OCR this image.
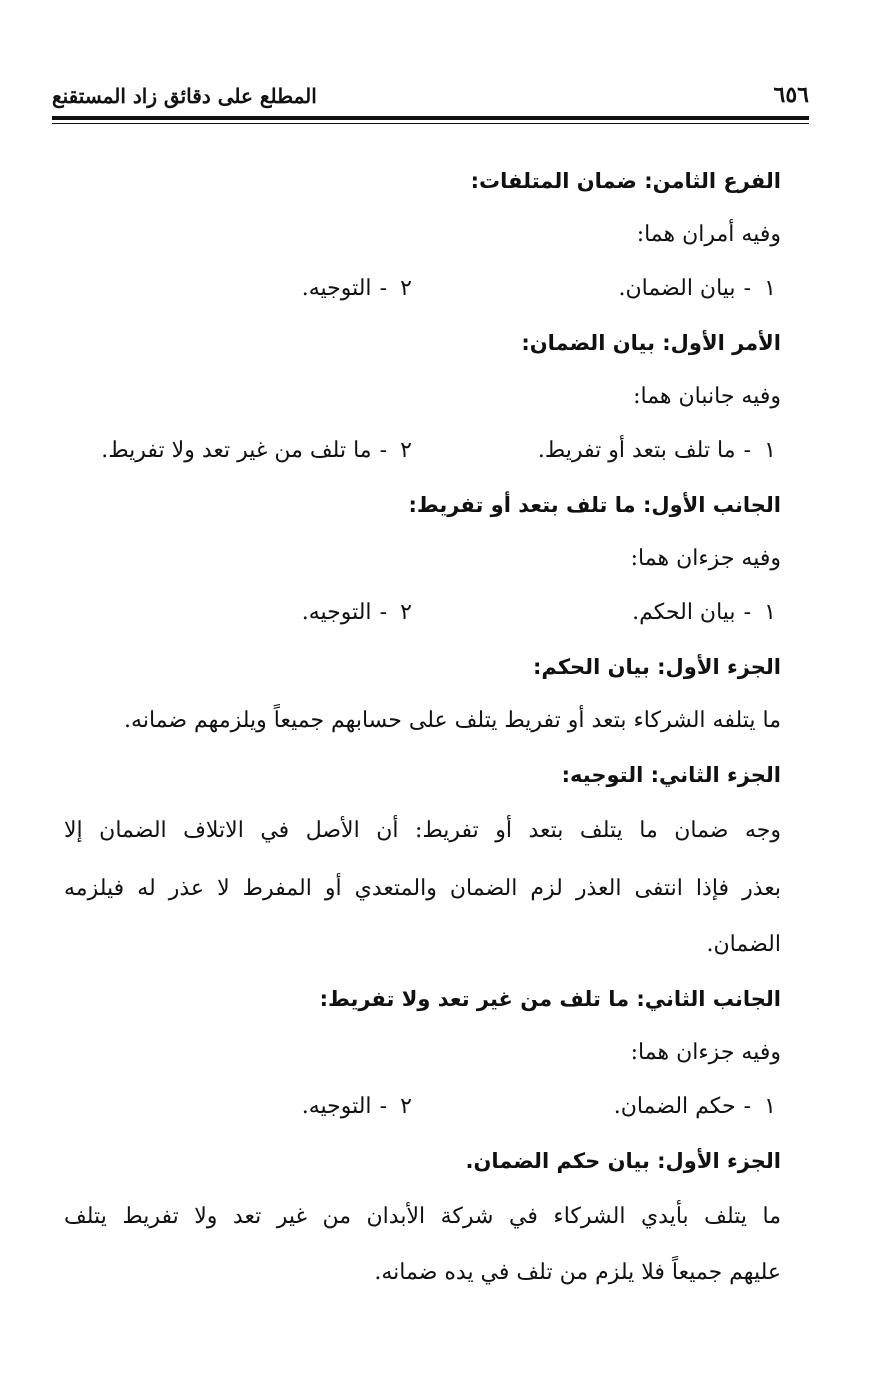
٦٥٦
المطلع على دقائق زاد المستقنع
الفرع الثامن: ضمان المتلفات:
وفيه أمران هما:
١-بيان الضمان.
٢-التوجيه.
الأمر الأول: بيان الضمان:
وفيه جانبان هما:
١-ما تلف بتعد أو تفريط.
٢-ما تلف من غير تعد ولا تفريط.
الجانب الأول: ما تلف بتعد أو تفريط:
وفيه جزءان هما:
١-بيان الحكم.
٢-التوجيه.
الجزء الأول: بيان الحكم:
ما يتلفه الشركاء بتعد أو تفريط يتلف على حسابهم جميعاً ويلزمهم ضمانه.
الجزء الثاني: التوجيه:
وجه ضمان ما يتلف بتعد أو تفريط: أن الأصل في الاتلاف الضمان إلا
بعذر فإذا انتفى العذر لزم الضمان والمتعدي أو المفرط لا عذر له فيلزمه
الضمان.
الجانب الثاني: ما تلف من غير تعد ولا تفريط:
وفيه جزءان هما:
١-حكم الضمان.
٢-التوجيه.
الجزء الأول: بيان حكم الضمان.
ما يتلف بأيدي الشركاء في شركة الأبدان من غير تعد ولا تفريط يتلف
عليهم جميعاً فلا يلزم من تلف في يده ضمانه.
